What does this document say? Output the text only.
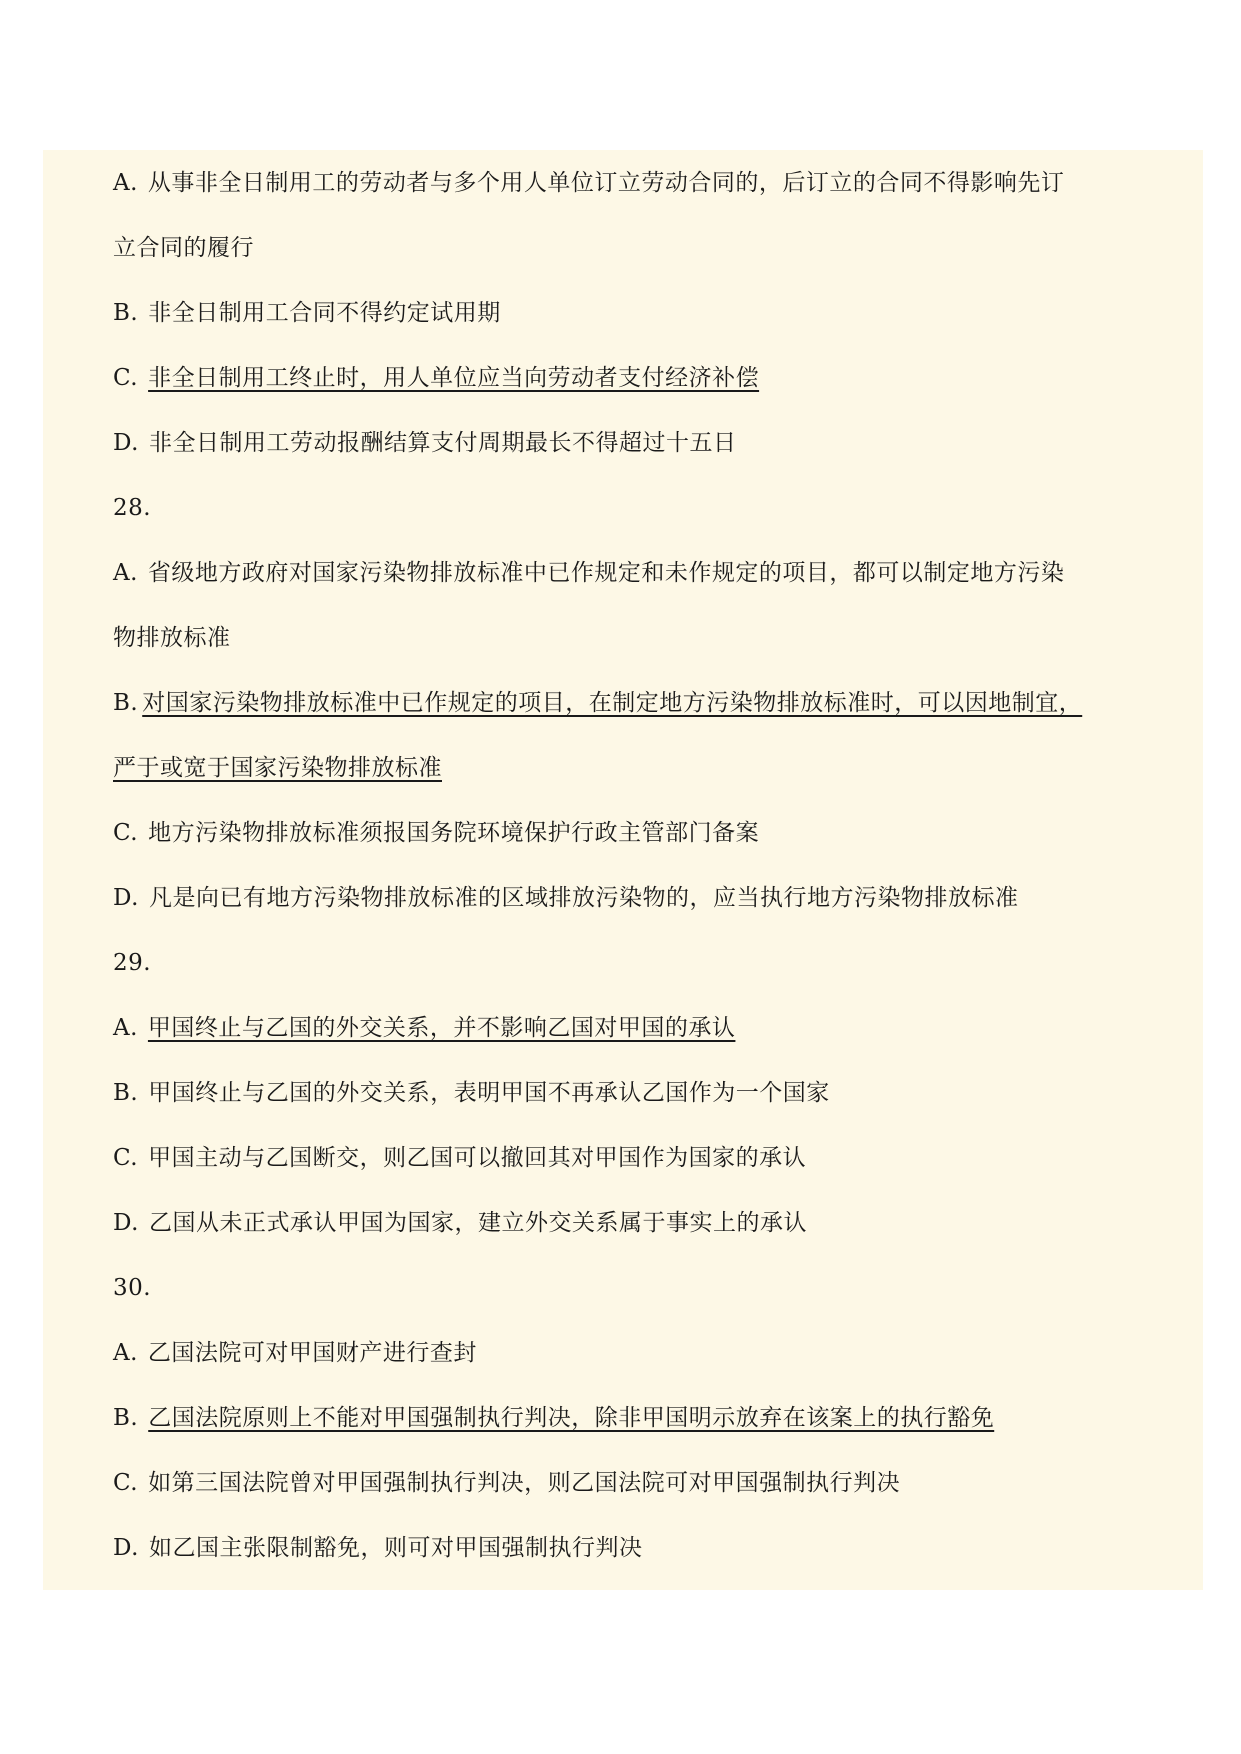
A. 从事非全日制用工的劳动者与多个用人单位订立劳动合同的，后订立的合同不得影响先订
立合同的履行
B. 非全日制用工合同不得约定试用期
C. 非全日制用工终止时，用人单位应当向劳动者支付经济补偿
D. 非全日制用工劳动报酬结算支付周期最长不得超过十五日
28.
A. 省级地方政府对国家污染物排放标准中已作规定和未作规定的项目，都可以制定地方污染
物排放标准
B. 对国家污染物排放标准中已作规定的项目，在制定地方污染物排放标准时，可以因地制宜，
严于或宽于国家污染物排放标准
C. 地方污染物排放标准须报国务院环境保护行政主管部门备案
D. 凡是向已有地方污染物排放标准的区域排放污染物的，应当执行地方污染物排放标准
29.
A. 甲国终止与乙国的外交关系，并不影响乙国对甲国的承认
B. 甲国终止与乙国的外交关系，表明甲国不再承认乙国作为一个国家
C. 甲国主动与乙国断交，则乙国可以撤回其对甲国作为国家的承认
D. 乙国从未正式承认甲国为国家，建立外交关系属于事实上的承认
30.
A. 乙国法院可对甲国财产进行查封
B. 乙国法院原则上不能对甲国强制执行判决，除非甲国明示放弃在该案上的执行豁免
C. 如第三国法院曾对甲国强制执行判决，则乙国法院可对甲国强制执行判决
D. 如乙国主张限制豁免，则可对甲国强制执行判决
